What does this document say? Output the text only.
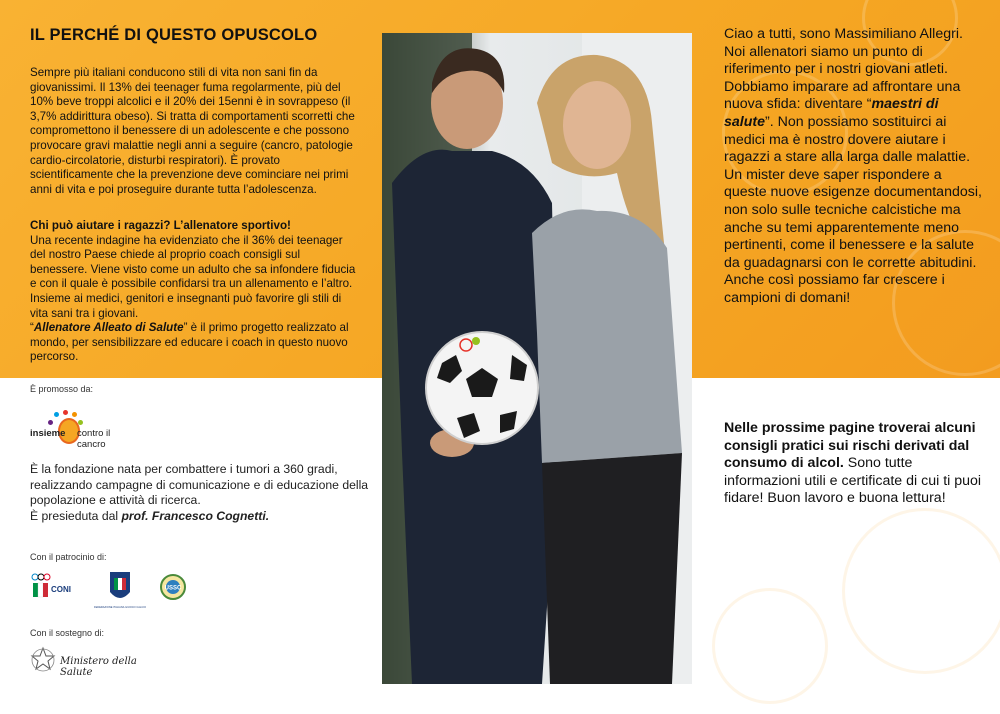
IL PERCHÉ DI QUESTO OPUSCOLO
Sempre più italiani conducono stili di vita non sani fin da giovanissimi. Il 13% dei teenager fuma regolarmente, più del 10% beve troppi alcolici e il 20% dei 15enni è in sovrappeso (il 3,7% addirittura obeso). Si tratta di comportamenti scorretti che compromettono il benessere di un adolescente e che possono provocare gravi malattie negli anni a seguire (cancro, patologie cardio-circolatorie, disturbi respiratori). È provato scientificamente che la prevenzione deve cominciare nei primi anni di vita e poi proseguire durante tutta l’adolescenza.
Chi può aiutare i ragazzi? L’allenatore sportivo!
Una recente indagine ha evidenziato che il 36% dei teenager del nostro Paese chiede al proprio coach consigli sul benessere. Viene visto come un adulto che sa infondere fiducia e con il quale è possibile confidarsi tra un allenamento e l’altro. Insieme ai medici, genitori e insegnanti può favorire gli stili di vita sani tra i giovani.
“Allenatore Alleato di Salute” è il primo progetto realizzato al mondo, per sensibilizzare ed educare i coach in questo nuovo percorso.
È promosso da:
insieme contro il cancro
È la fondazione nata per combattere i tumori a 360 gradi, realizzando campagne di comunicazione e di educazione della popolazione e attività di ricerca.
È presieduta dal prof. Francesco Cognetti.
Con il patrocinio di:
CONI
FEDERAZIONE ITALIANA GIUOCO CALCIO
USSC
Con il sostegno di:
Ministero della Salute
Ciao a tutti, sono Massimiliano Allegri. Noi allenatori siamo un punto di riferimento per i nostri giovani atleti. Dobbiamo imparare ad affrontare una nuova sfida: diventare “maestri di salute”. Non possiamo sostituirci ai medici ma è nostro dovere aiutare i ragazzi a stare alla larga dalle malattie. Un mister deve saper rispondere a queste nuove esigenze documentandosi, non solo sulle tecniche calcistiche ma anche su temi apparentemente meno pertinenti, come il benessere e la salute da guadagnarsi con le corrette abitudini. Anche così possiamo far crescere i campioni di domani!
Nelle prossime pagine troverai alcuni consigli pratici sui rischi derivati dal consumo di alcol. Sono tutte informazioni utili e certificate di cui ti puoi fidare! Buon lavoro e buona lettura!
